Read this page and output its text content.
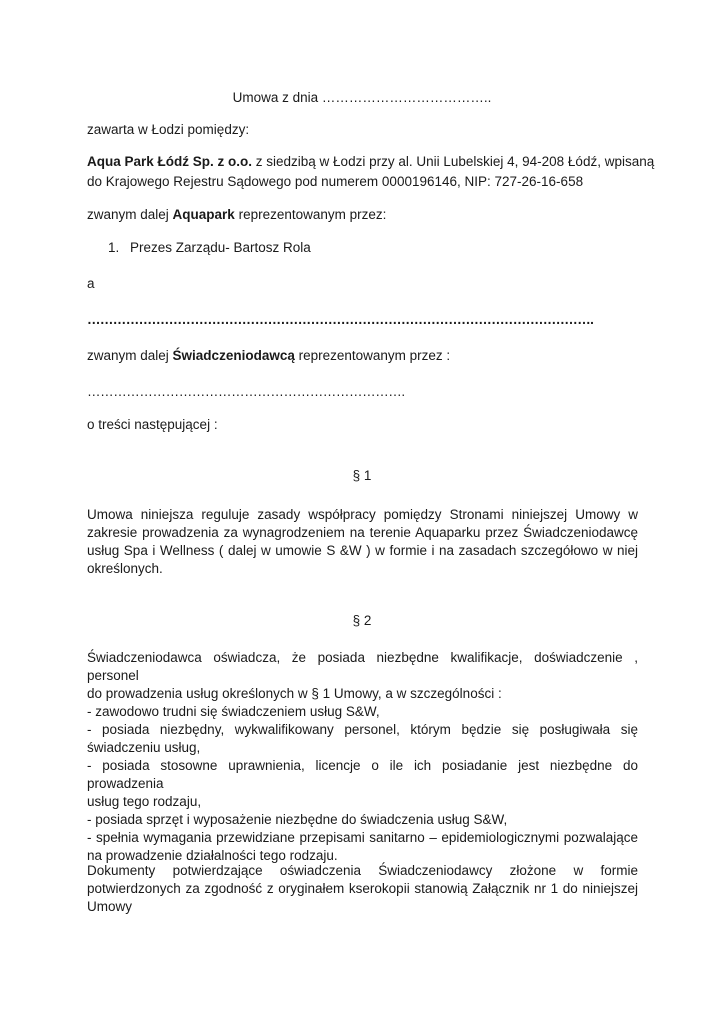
Umowa z dnia ………………………………..
zawarta w Łodzi pomiędzy:
Aqua Park Łódź Sp. z o.o. z siedzibą w Łodzi przy al. Unii Lubelskiej 4, 94-208 Łódź, wpisaną
do Krajowego Rejestru Sądowego pod numerem 0000196146, NIP: 727-26-16-658
zwanym dalej Aquapark reprezentowanym przez:
1. Prezes Zarządu- Bartosz Rola
a
……………………………………………………………………………………………………….
zwanym dalej Świadczeniodawcą reprezentowanym przez :
……………………………………………………………….
o treści następującej :
§ 1
Umowa niniejsza reguluje zasady współpracy pomiędzy Stronami niniejszej Umowy w
zakresie prowadzenia za wynagrodzeniem na terenie Aquaparku przez Świadczeniodawcę
usług Spa i Wellness ( dalej w umowie S &W ) w formie i na zasadach szczegółowo w niej
określonych.
§ 2
Świadczeniodawca oświadcza, że posiada niezbędne kwalifikacje, doświadczenie , personel
do prowadzenia usług określonych w § 1 Umowy, a w szczególności :
- zawodowo trudni się świadczeniem usług S&W,
- posiada niezbędny, wykwalifikowany personel, którym będzie się posługiwała się
świadczeniu usług,
- posiada stosowne uprawnienia, licencje o ile ich posiadanie jest niezbędne do prowadzenia
usług tego rodzaju,
- posiada sprzęt i wyposażenie niezbędne do świadczenia usług S&W,
- spełnia wymagania przewidziane przepisami sanitarno – epidemiologicznymi pozwalające
na prowadzenie działalności tego rodzaju.
Dokumenty potwierdzające oświadczenia Świadczeniodawcy złożone w formie
potwierdzonych za zgodność z oryginałem kserokopii stanowią Załącznik nr 1 do niniejszej
Umowy
